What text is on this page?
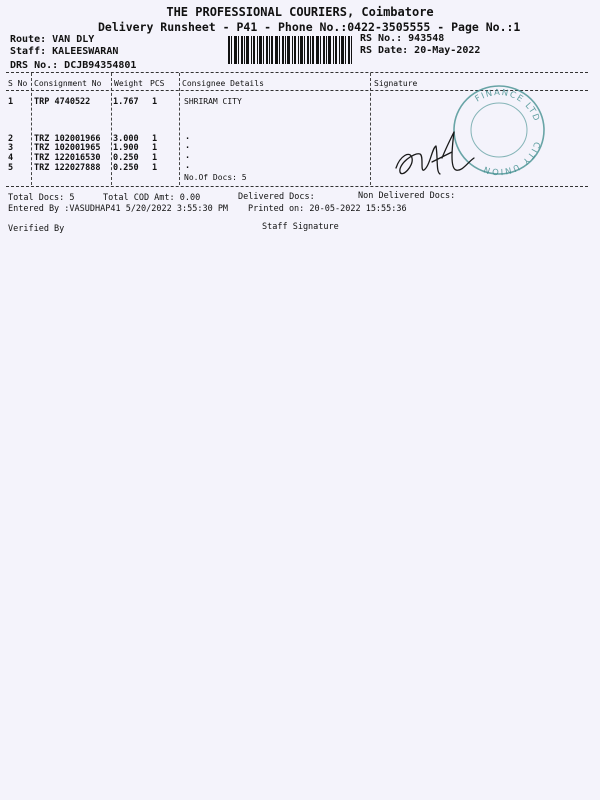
THE PROFESSIONAL COURIERS, Coimbatore
Delivery Runsheet - P41 - Phone No.:0422-3505555 - Page No.:1
Route: VAN DLY
Staff: KALEESWARAN
DRS No.: DCJB94354801
RS No.: 943548
RS Date: 20-May-2022
S No Consignment No Weight PCS Consignee Details	Signature
1 TRP 4740522	1.767 1	SHRIRAM CITY
2 TRZ 102001966 3.000 1	.
3 TRZ 102001965 1.900 1	.
4 TRZ 122016530 0.250 1	.
5 TRZ 122027888 0.250 1	.
No.Of Docs: 5
CITY UNION
FINANCE LTD
Total Docs: 5	Total COD Amt: 0.00	Delivered Docs:	Non Delivered Docs:
Entered By :VASUDHAP41 5/20/2022 3:55:30 PM Printed on: 20-05-2022 15:55:36
Verified By	Staff Signature
